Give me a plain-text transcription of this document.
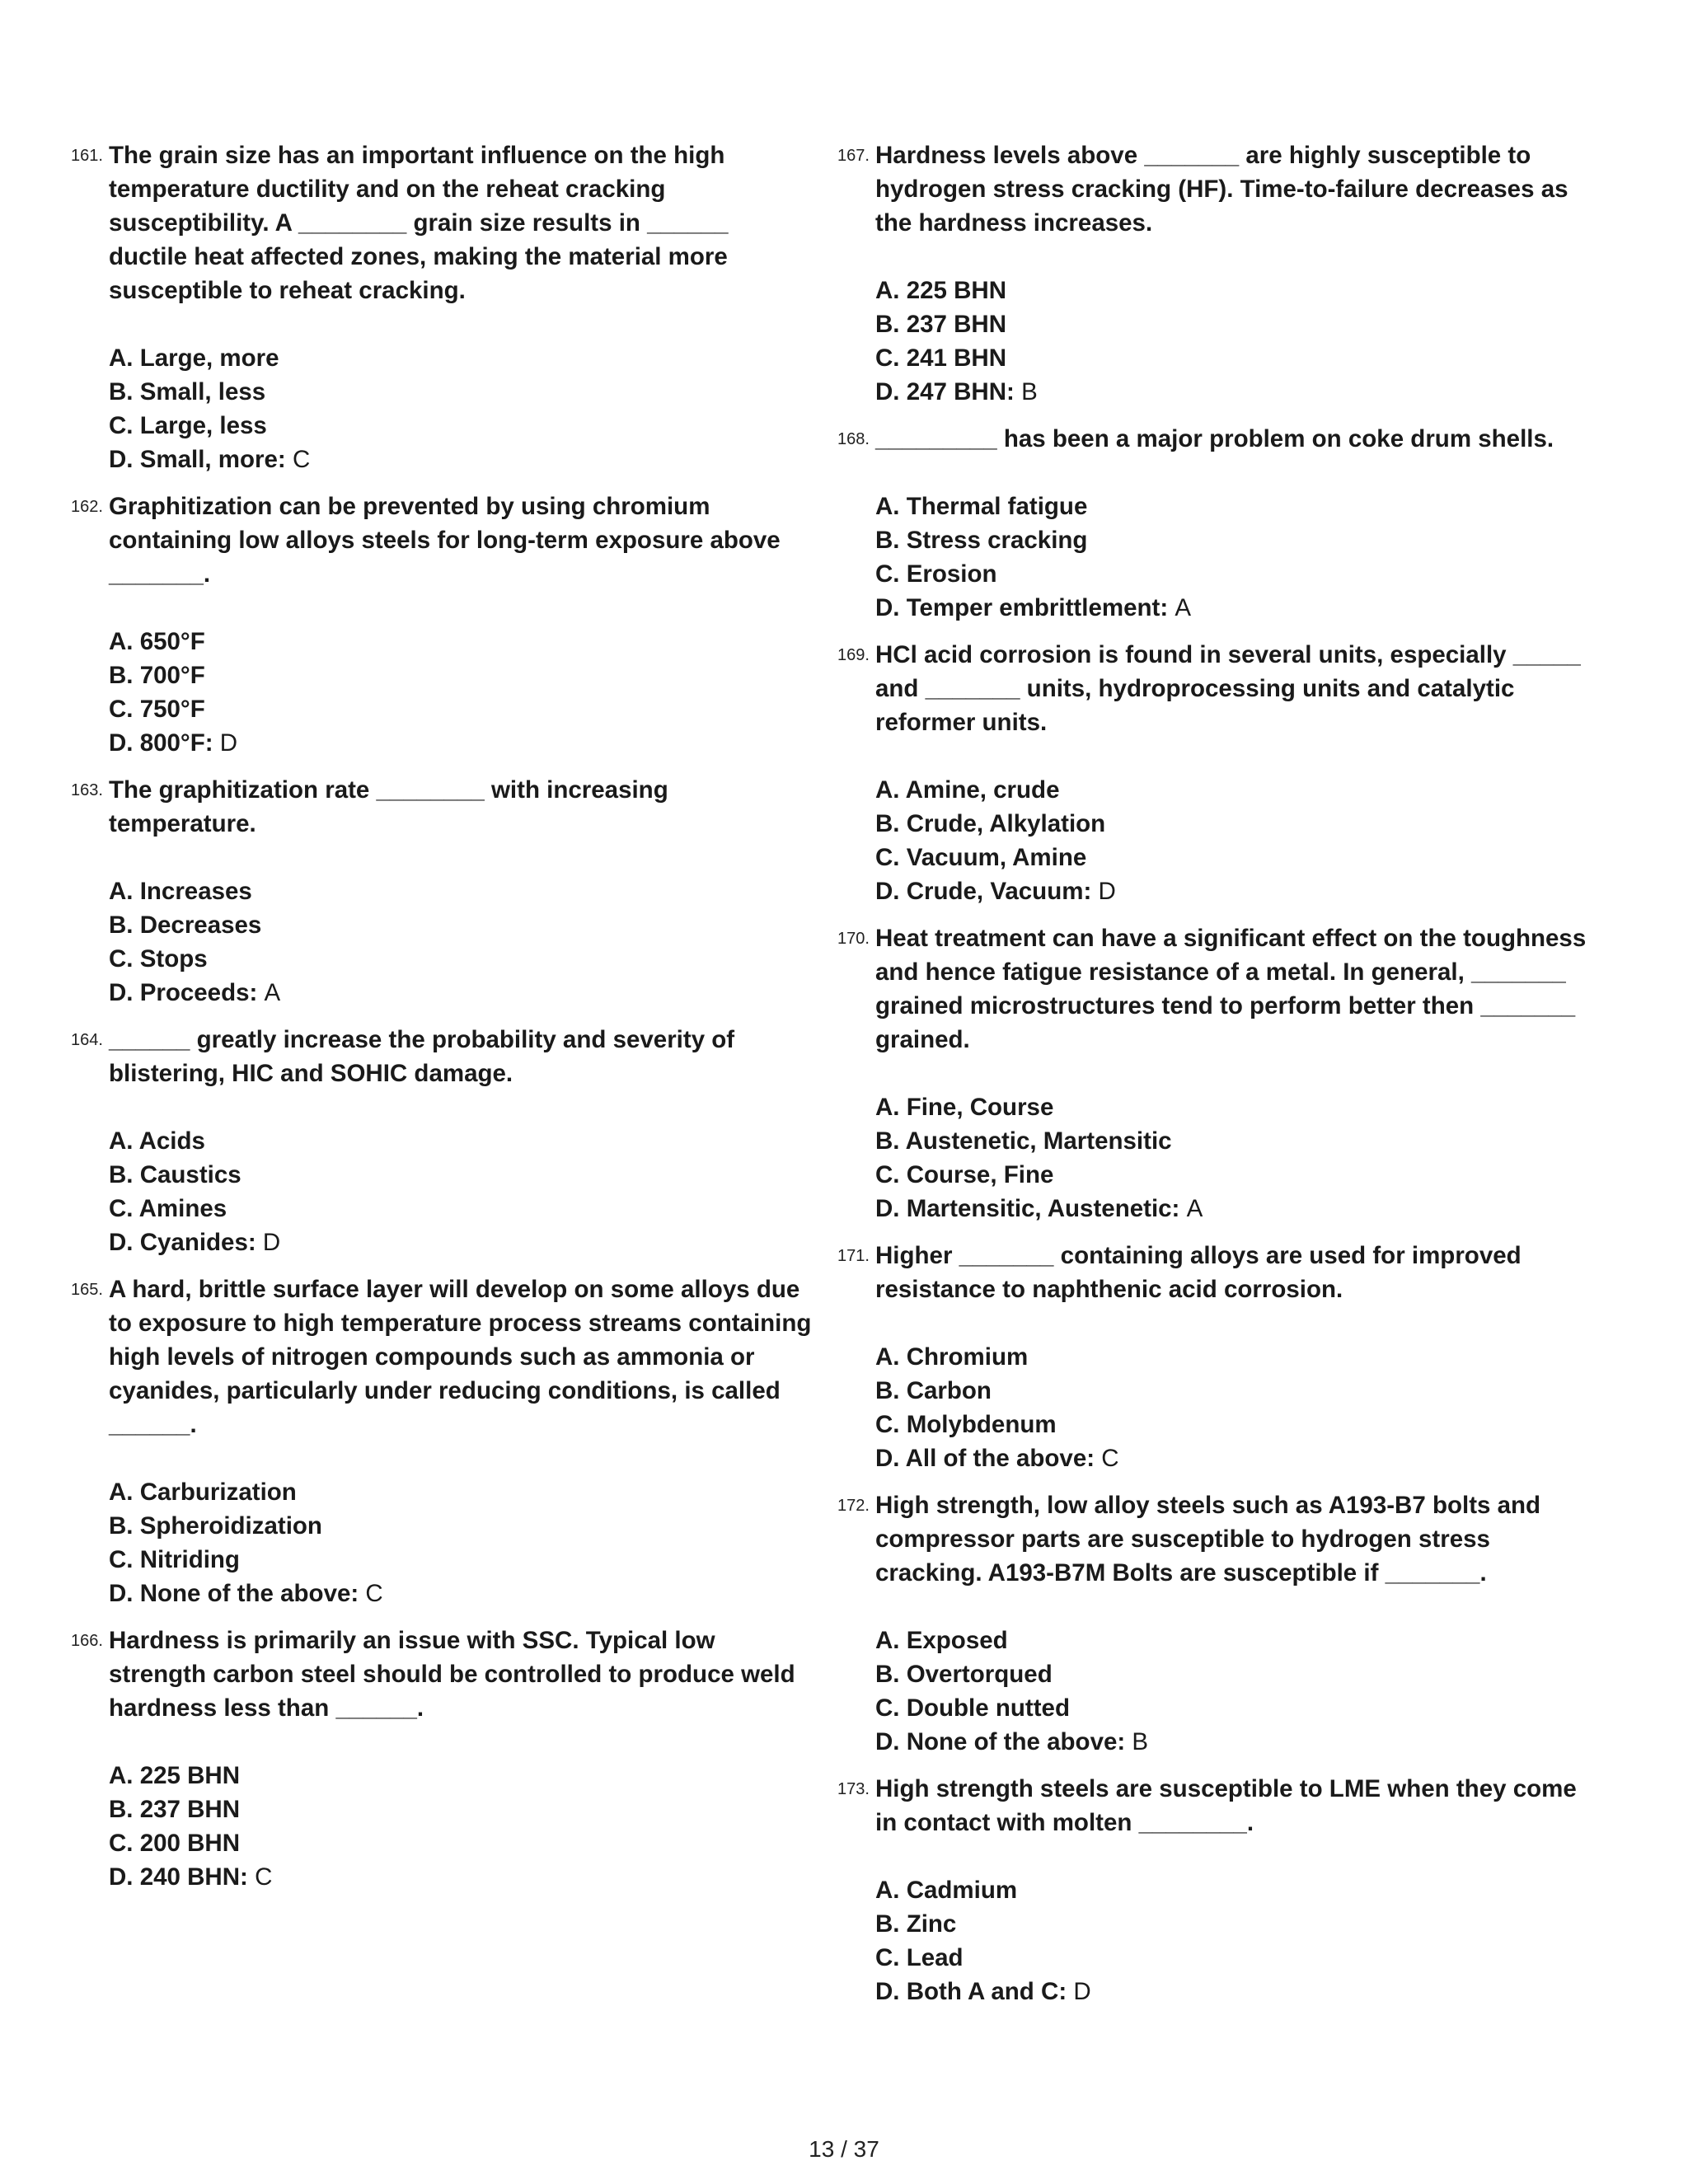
161. The grain size has an important influence on the high temperature ductility and on the reheat cracking susceptibility. A ________ grain size results in ______ ductile heat affected zones, making the material more susceptible to reheat cracking.

A. Large, more
B. Small, less
C. Large, less
D. Small, more: C
162. Graphitization can be prevented by using chromium containing low alloys steels for long-term exposure above _______.

A. 650°F
B. 700°F
C. 750°F
D. 800°F: D
163. The graphitization rate ________ with increasing temperature.

A. Increases
B. Decreases
C. Stops
D. Proceeds: A
164. ______ greatly increase the probability and severity of blistering, HIC and SOHIC damage.

A. Acids
B. Caustics
C. Amines
D. Cyanides: D
165. A hard, brittle surface layer will develop on some alloys due to exposure to high temperature process streams containing high levels of nitrogen compounds such as ammonia or cyanides, particularly under reducing conditions, is called ______.

A. Carburization
B. Spheroidization
C. Nitriding
D. None of the above: C
166. Hardness is primarily an issue with SSC. Typical low strength carbon steel should be controlled to produce weld hardness less than ______.

A. 225 BHN
B. 237 BHN
C. 200 BHN
D. 240 BHN: C
167. Hardness levels above _______ are highly susceptible to hydrogen stress cracking (HF). Time-to-failure decreases as the hardness increases.

A. 225 BHN
B. 237 BHN
C. 241 BHN
D. 247 BHN: B
168. _________ has been a major problem on coke drum shells.

A. Thermal fatigue
B. Stress cracking
C. Erosion
D. Temper embrittlement: A
169. HCl acid corrosion is found in several units, especially _____ and _______ units, hydroprocessing units and catalytic reformer units.

A. Amine, crude
B. Crude, Alkylation
C. Vacuum, Amine
D. Crude, Vacuum: D
170. Heat treatment can have a significant effect on the toughness and hence fatigue resistance of a metal. In general, _______ grained microstructures tend to perform better then _______ grained.

A. Fine, Course
B. Austenetic, Martensitic
C. Course, Fine
D. Martensitic, Austenetic: A
171. Higher _______ containing alloys are used for improved resistance to naphthenic acid corrosion.

A. Chromium
B. Carbon
C. Molybdenum
D. All of the above: C
172. High strength, low alloy steels such as A193-B7 bolts and compressor parts are susceptible to hydrogen stress cracking. A193-B7M Bolts are susceptible if _______.

A. Exposed
B. Overtorqued
C. Double nutted
D. None of the above: B
173. High strength steels are susceptible to LME when they come in contact with molten ________.

A. Cadmium
B. Zinc
C. Lead
D. Both A and C: D
13 / 37
